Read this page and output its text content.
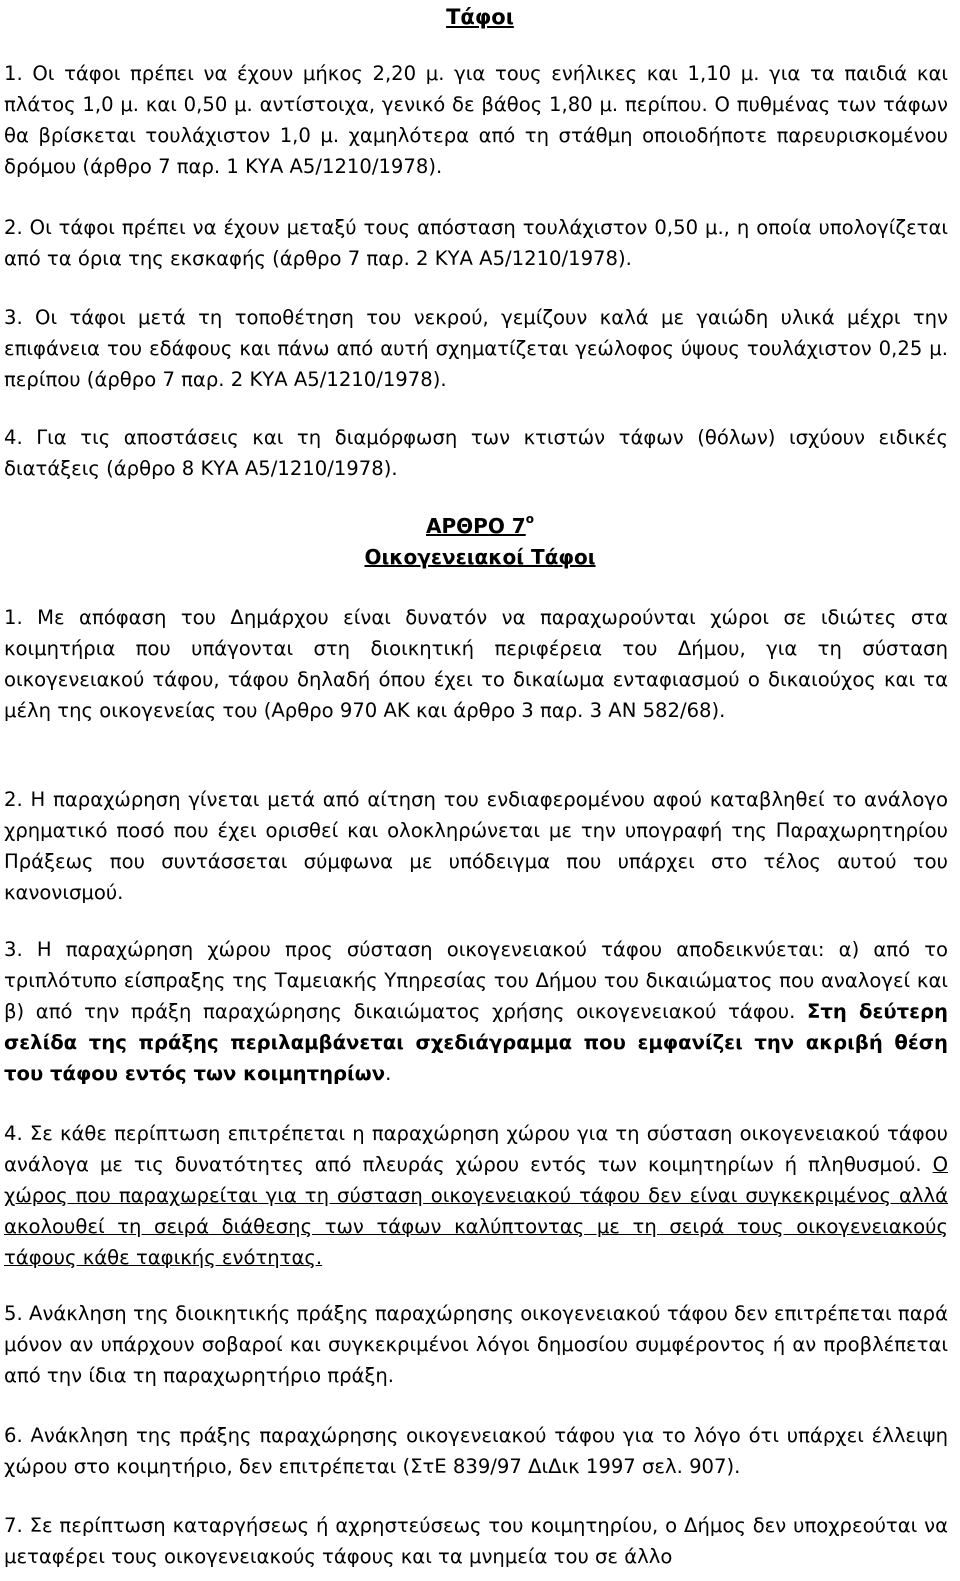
Τάφοι
1. Οι τάφοι πρέπει να έχουν μήκος 2,20 μ. για τους ενήλικες και 1,10 μ. για τα παιδιά και πλάτος 1,0 μ. και 0,50 μ. αντίστοιχα, γενικό δε βάθος 1,80 μ. περίπου. Ο πυθμένας των τάφων θα βρίσκεται τουλάχιστον 1,0 μ. χαμηλότερα από τη στάθμη οποιοδήποτε παρευρισκομένου δρόμου (άρθρο 7 παρ. 1 ΚΥΑ Α5/1210/1978).
2. Οι τάφοι πρέπει να έχουν μεταξύ τους απόσταση τουλάχιστον 0,50 μ., η οποία υπολογίζεται από τα όρια της εκσκαφής (άρθρο 7 παρ. 2 ΚΥΑ Α5/1210/1978).
3. Οι τάφοι μετά τη τοποθέτηση του νεκρού, γεμίζουν καλά με γαιώδη υλικά μέχρι την επιφάνεια του εδάφους και πάνω από αυτή σχηματίζεται γεώλοφος ύψους τουλάχιστον 0,25 μ. περίπου (άρθρο 7 παρ. 2 ΚΥΑ Α5/1210/1978).
4. Για τις αποστάσεις και τη διαμόρφωση των κτιστών τάφων (θόλων) ισχύουν ειδικές διατάξεις (άρθρο 8 ΚΥΑ Α5/1210/1978).
ΑΡΘΡΟ $7^o$
Οικογενειακοί Τάφοι
1. Με απόφαση του Δημάρχου είναι δυνατόν να παραχωρούνται χώροι σε ιδιώτες στα κοιμητήρια που υπάγονται στη διοικητική περιφέρεια του Δήμου, για τη σύσταση οικογενειακού τάφου, τάφου δηλαδή όπου έχει το δικαίωμα ενταφιασμού ο δικαιούχος και τα μέλη της οικογενείας του (Αρθρο 970 ΑΚ και άρθρο 3 παρ. 3 ΑΝ 582/68).
2. Η παραχώρηση γίνεται μετά από αίτηση του ενδιαφερομένου αφού καταβληθεί το ανάλογο χρηματικό ποσό που έχει ορισθεί και ολοκληρώνεται με την υπογραφή της Παραχωρητηρίου Πράξεως που συντάσσεται σύμφωνα με υπόδειγμα που υπάρχει στο τέλος αυτού του κανονισμού.
3. Η παραχώρηση χώρου προς σύσταση οικογενειακού τάφου αποδεικνύεται: α) από το τριπλότυπο είσπραξης της Ταμειακής Υπηρεσίας του Δήμου του δικαιώματος που αναλογεί και β) από την πράξη παραχώρησης δικαιώματος χρήσης οικογενειακού τάφου. Στη δεύτερη σελίδα της πράξης περιλαμβάνεται σχεδιάγραμμα που εμφανίζει την ακριβή θέση του τάφου εντός των κοιμητηρίων.
4. Σε κάθε περίπτωση επιτρέπεται η παραχώρηση χώρου για τη σύσταση οικογενειακού τάφου ανάλογα με τις δυνατότητες από πλευράς χώρου εντός των κοιμητηρίων ή πληθυσμού. Ο χώρος που παραχωρείται για τη σύσταση οικογενειακού τάφου δεν είναι συγκεκριμένος αλλά ακολουθεί τη σειρά διάθεσης των τάφων καλύπτοντας με τη σειρά τους οικογενειακούς τάφους κάθε ταφικής ενότητας.
5. Ανάκληση της διοικητικής πράξης παραχώρησης οικογενειακού τάφου δεν επιτρέπεται παρά μόνον αν υπάρχουν σοβαροί και συγκεκριμένοι λόγοι δημοσίου συμφέροντος ή αν προβλέπεται από την ίδια τη παραχωρητήριο πράξη.
6. Ανάκληση της πράξης παραχώρησης οικογενειακού τάφου για το λόγο ότι υπάρχει έλλειψη χώρου στο κοιμητήριο, δεν επιτρέπεται (ΣτΕ 839/97 ΔιΔικ 1997 σελ. 907).
7. Σε περίπτωση καταργήσεως ή αχρηστεύσεως του κοιμητηρίου, ο Δήμος δεν υποχρεούται να μεταφέρει τους οικογενειακούς τάφους και τα μνημεία του σε άλλο
